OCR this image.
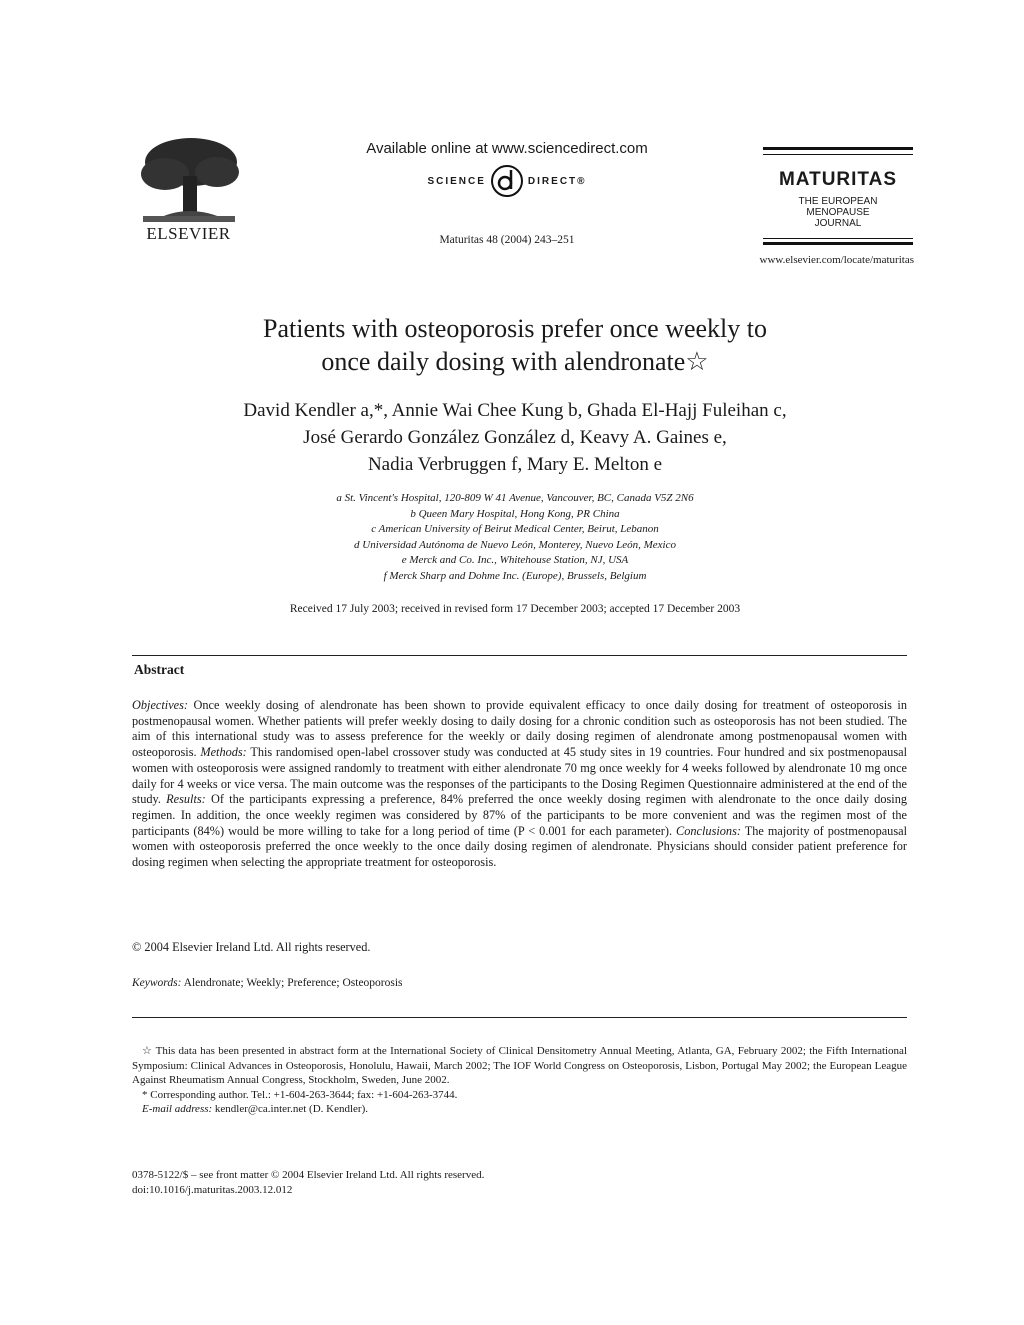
ELSEVIER
Available online at www.sciencedirect.com
SCIENCE	DIRECT®
Maturitas 48 (2004) 243–251
MATURITAS
THE EUROPEAN
MENOPAUSE
JOURNAL
www.elsevier.com/locate/maturitas
Patients with osteoporosis prefer once weekly to
once daily dosing with alendronate☆
David Kendler a,*, Annie Wai Chee Kung b, Ghada El-Hajj Fuleihan c,
José Gerardo González González d, Keavy A. Gaines e,
Nadia Verbruggen f, Mary E. Melton e
a St. Vincent's Hospital, 120-809 W 41 Avenue, Vancouver, BC, Canada V5Z 2N6
b Queen Mary Hospital, Hong Kong, PR China
c American University of Beirut Medical Center, Beirut, Lebanon
d Universidad Autónoma de Nuevo León, Monterey, Nuevo León, Mexico
e Merck and Co. Inc., Whitehouse Station, NJ, USA
f Merck Sharp and Dohme Inc. (Europe), Brussels, Belgium
Received 17 July 2003; received in revised form 17 December 2003; accepted 17 December 2003
Abstract
Objectives: Once weekly dosing of alendronate has been shown to provide equivalent efficacy to once daily dosing for treatment of osteoporosis in postmenopausal women. Whether patients will prefer weekly dosing to daily dosing for a chronic condition such as osteoporosis has not been studied. The aim of this international study was to assess preference for the weekly or daily dosing regimen of alendronate among postmenopausal women with osteoporosis. Methods: This randomised open-label crossover study was conducted at 45 study sites in 19 countries. Four hundred and six postmenopausal women with osteoporosis were assigned randomly to treatment with either alendronate 70 mg once weekly for 4 weeks followed by alendronate 10 mg once daily for 4 weeks or vice versa. The main outcome was the responses of the participants to the Dosing Regimen Questionnaire administered at the end of the study. Results: Of the participants expressing a preference, 84% preferred the once weekly dosing regimen with alendronate to the once daily dosing regimen. In addition, the once weekly regimen was considered by 87% of the participants to be more convenient and was the regimen most of the participants (84%) would be more willing to take for a long period of time (P < 0.001 for each parameter). Conclusions: The majority of postmenopausal women with osteoporosis preferred the once weekly to the once daily dosing regimen of alendronate. Physicians should consider patient preference for dosing regimen when selecting the appropriate treatment for osteoporosis.
© 2004 Elsevier Ireland Ltd. All rights reserved.
Keywords: Alendronate; Weekly; Preference; Osteoporosis

☆ This data has been presented in abstract form at the International Society of Clinical Densitometry Annual Meeting, Atlanta, GA, February 2002; the Fifth International Symposium: Clinical Advances in Osteoporosis, Honolulu, Hawaii, March 2002; The IOF World Congress on Osteoporosis, Lisbon, Portugal May 2002; the European League Against Rheumatism Annual Congress, Stockholm, Sweden, June 2002.

* Corresponding author. Tel.: +1-604-263-3644; fax: +1-604-263-3744.

E-mail address: kendler@ca.inter.net (D. Kendler).

0378-5122/$ – see front matter © 2004 Elsevier Ireland Ltd. All rights reserved.
doi:10.1016/j.maturitas.2003.12.012
